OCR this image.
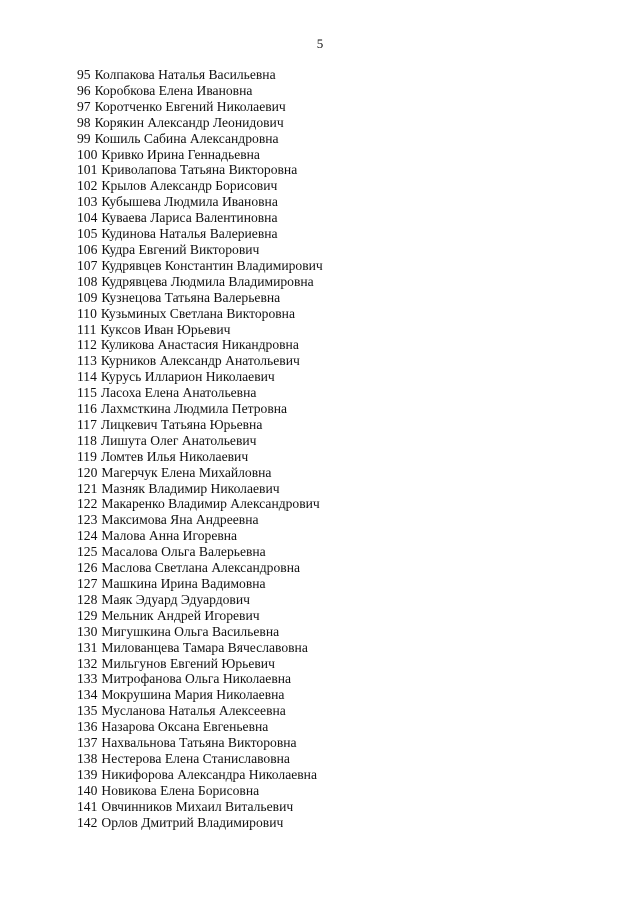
5
95 Колпакова Наталья Васильевна
96 Коробкова Елена Ивановна
97 Коротченко Евгений Николаевич
98 Корякин Александр Леонидович
99 Кошиль Сабина Александровна
100 Кривко Ирина Геннадьевна
101 Криволапова Татьяна Викторовна
102 Крылов Александр Борисович
103 Кубышева Людмила Ивановна
104 Куваева Лариса Валентиновна
105 Кудинова Наталья Валериевна
106 Кудра Евгений Викторович
107 Кудрявцев Константин Владимирович
108 Кудрявцева Людмила Владимировна
109 Кузнецова Татьяна Валерьевна
110 Кузьминых Светлана Викторовна
111 Куксов Иван Юрьевич
112 Куликова Анастасия Никандровна
113 Курников Александр Анатольевич
114 Курусь Илларион Николаевич
115 Ласоха Елена Анатольевна
116 Лахмсткина Людмила Петровна
117 Лицкевич Татьяна Юрьевна
118 Лишута Олег Анатольевич
119 Ломтев Илья Николаевич
120 Магерчук Елена Михайловна
121 Мазняк Владимир Николаевич
122 Макаренко Владимир Александрович
123 Максимова Яна Андреевна
124 Малова Анна Игоревна
125 Масалова Ольга Валерьевна
126 Маслова Светлана Александровна
127 Машкина Ирина Вадимовна
128 Маяк Эдуард Эдуардович
129 Мельник Андрей Игоревич
130 Мигушкина Ольга Васильевна
131 Милованцева Тамара Вячеславовна
132 Мильгунов Евгений Юрьевич
133 Митрофанова Ольга Николаевна
134 Мокрушина Мария Николаевна
135 Мусланова Наталья Алексеевна
136 Назарова Оксана Евгеньевна
137 Нахвальнова Татьяна Викторовна
138 Нестерова Елена Станиславовна
139 Никифорова Александра Николаевна
140 Новикова Елена Борисовна
141 Овчинников Михаил Витальевич
142 Орлов Дмитрий Владимирович
